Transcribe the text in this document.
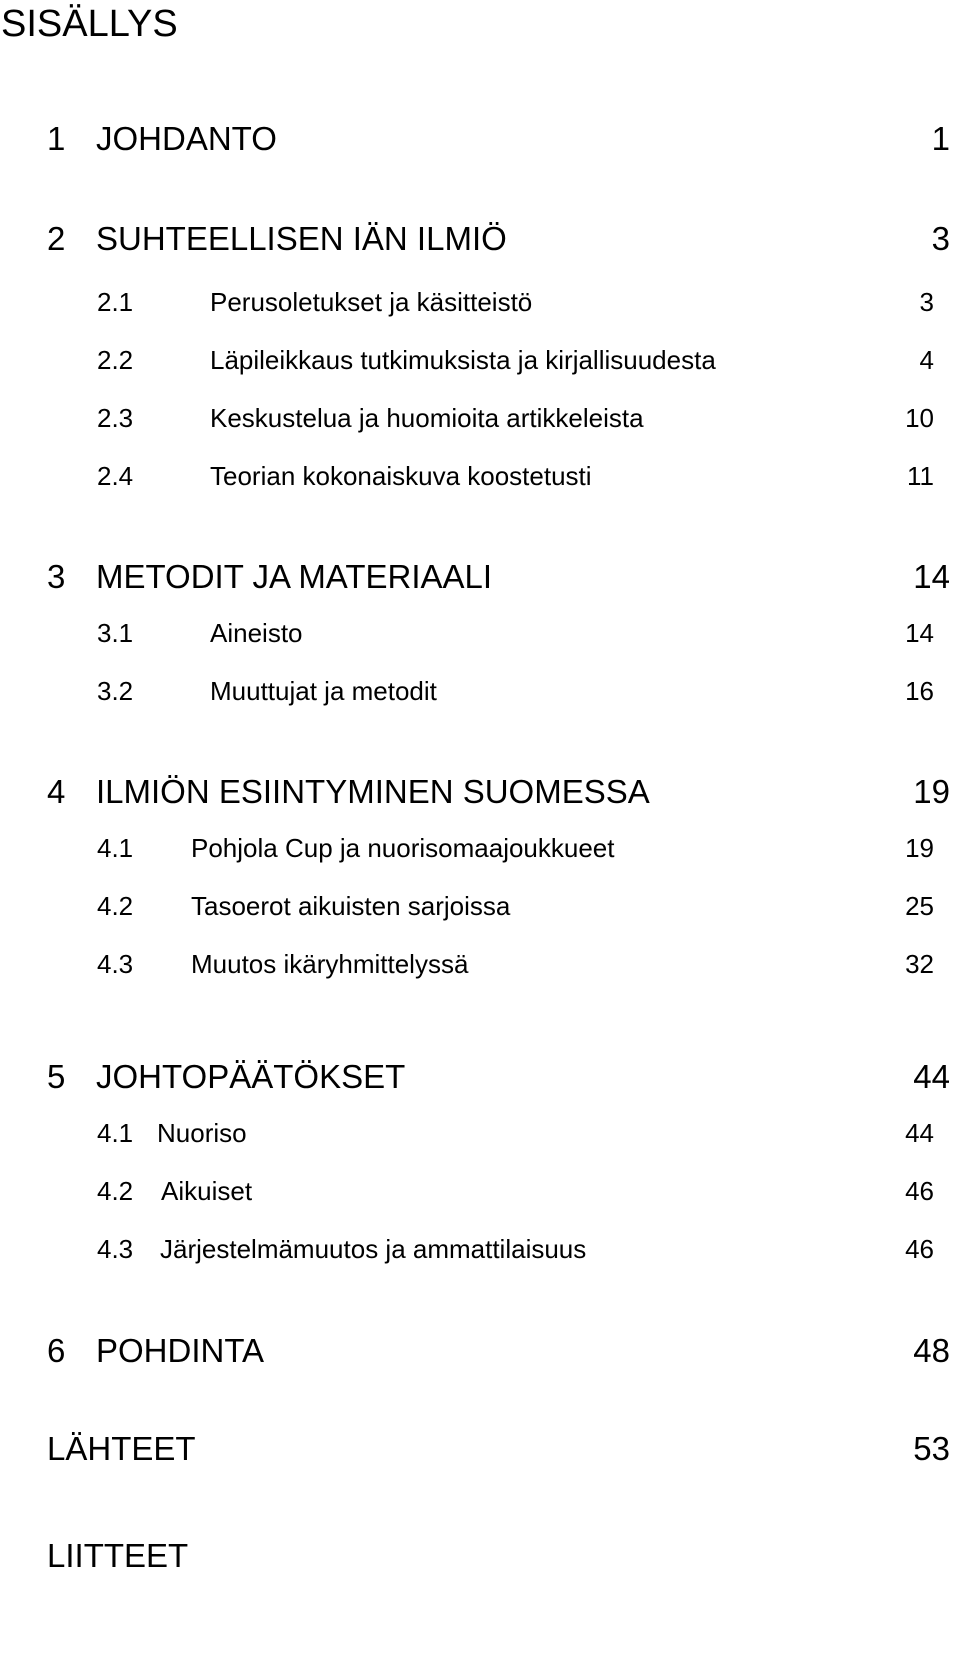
SISÄLLYS
1 JOHDANTO	1
2 SUHTEELLISEN IÄN ILMIÖ	3
2.1	Perusoletukset ja käsitteistö	3
2.2	Läpileikkaus tutkimuksista ja kirjallisuudesta	4
2.3	Keskustelua ja huomioita artikkeleista	10
2.4	Teorian kokonaiskuva koostetusti	11
3 METODIT JA MATERIAALI	14
3.1	Aineisto	14
3.2	Muuttujat ja metodit	16
4 ILMIÖN ESIINTYMINEN SUOMESSA	19
4.1 Pohjola Cup ja nuorisomaajoukkueet	19
4.2 Tasoerot aikuisten sarjoissa	25
4.3 Muutos ikäryhmittelyssä	32
5 JOHTOPÄÄTÖKSET	44
4.1 Nuoriso	44
4.2 Aikuiset	46
4.3 Järjestelmämuutos ja ammattilaisuus	46
6 POHDINTA	48
LÄHTEET	53
LIITTEET
